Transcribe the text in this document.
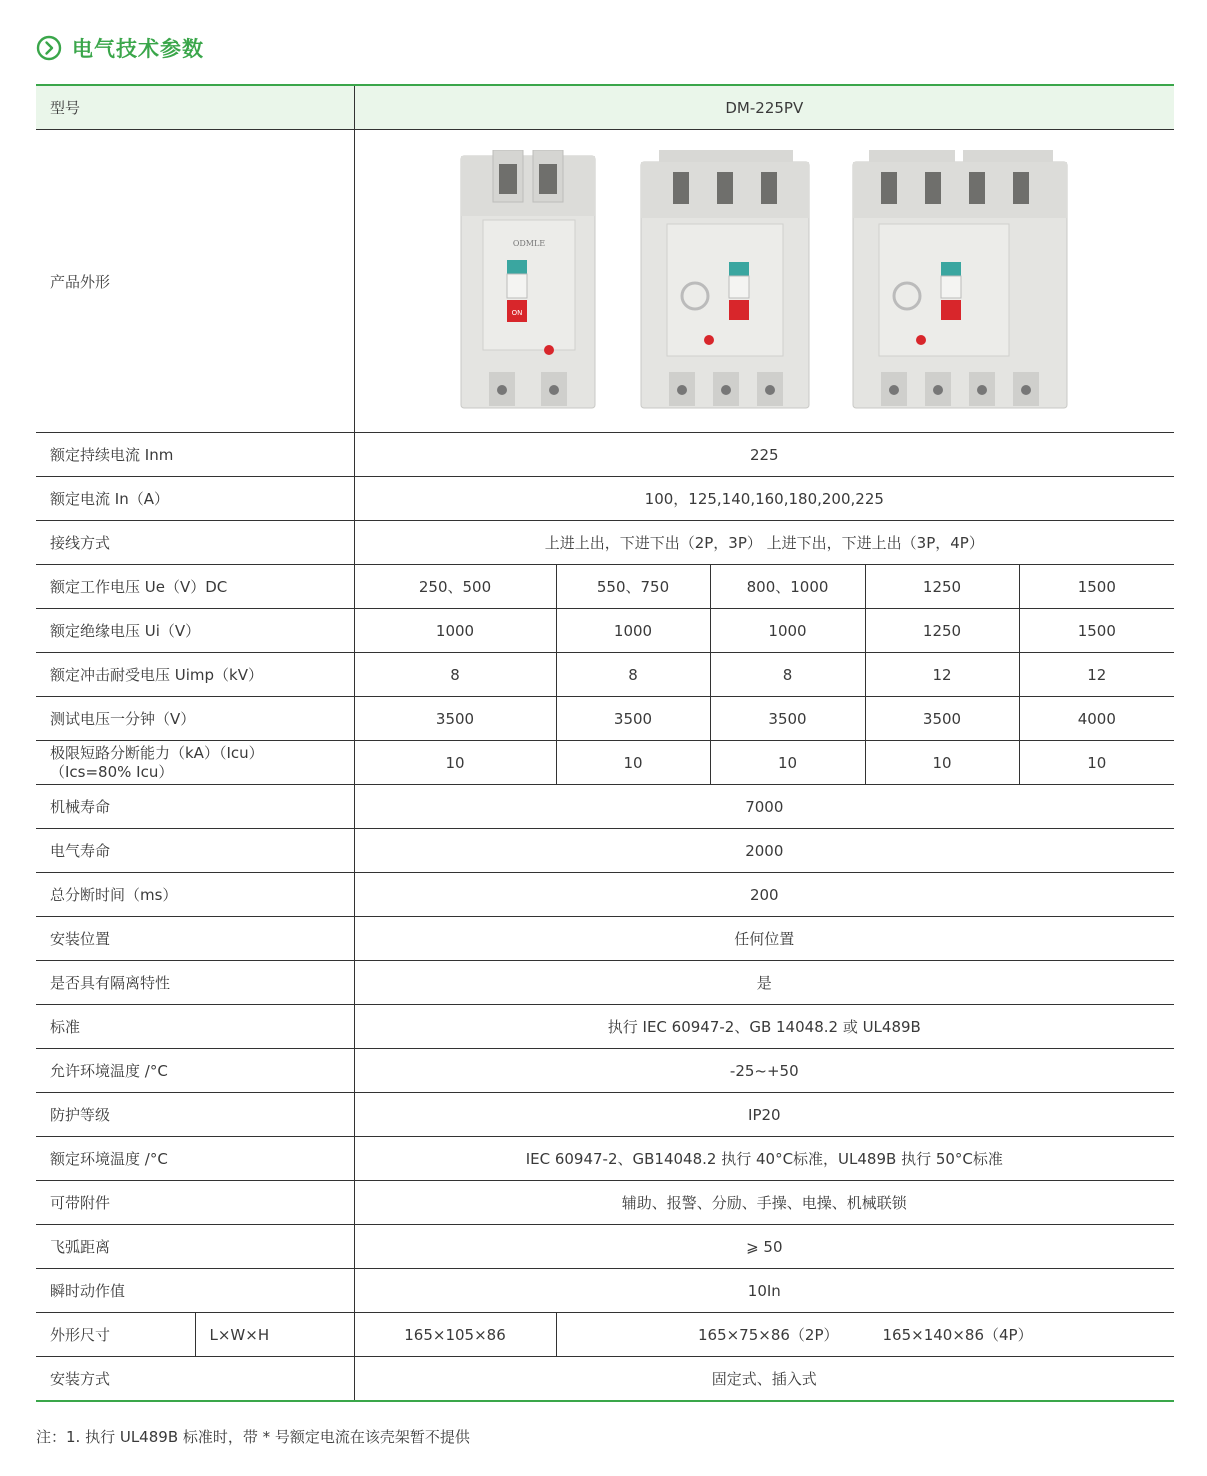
电气技术参数
型号		DM-225PV				
产品外形		ODMLE
ON				

额定持续电流 Inm		225				
额定电流 In（A）		100，125,140,160,180,200,225				
接线方式		上进上出，下进下出（2P，3P） 上进下出，下进上出（3P，4P）				
额定工作电压 Ue（V）DC		250、500	550、750	800、1000	1250	1500
额定绝缘电压 Ui（V）		1000	1000	1000	1250	1500
额定冲击耐受电压 Uimp（kV）		8	8	8	12	12
测试电压一分钟（V）		3500	3500	3500	3500	4000

极限短路分断能力（kA）（Icu）
（Ics=80% Icu）		10	10	10	10	10
机械寿命		7000				
电气寿命		2000				
总分断时间（ms）		200				
安装位置		任何位置				
是否具有隔离特性		是				
标准		执行 IEC 60947-2、GB 14048.2 或 UL489B				
允许环境温度 /°C		-25~+50				
防护等级		IP20				
额定环境温度 /°C		IEC 60947-2、GB14048.2 执行 40°C标准，UL489B 执行 50°C标准				
可带附件		辅助、报警、分励、手操、电操、机械联锁				
飞弧距离		⩾ 50				
瞬时动作值		10In				
外形尺寸	L×W×H	165×105×86	165×75×86（2P） 165×140×86（4P）			
安装方式		固定式、插入式				
注：1. 执行 UL489B 标准时，带 * 号额定电流在该壳架暂不提供
